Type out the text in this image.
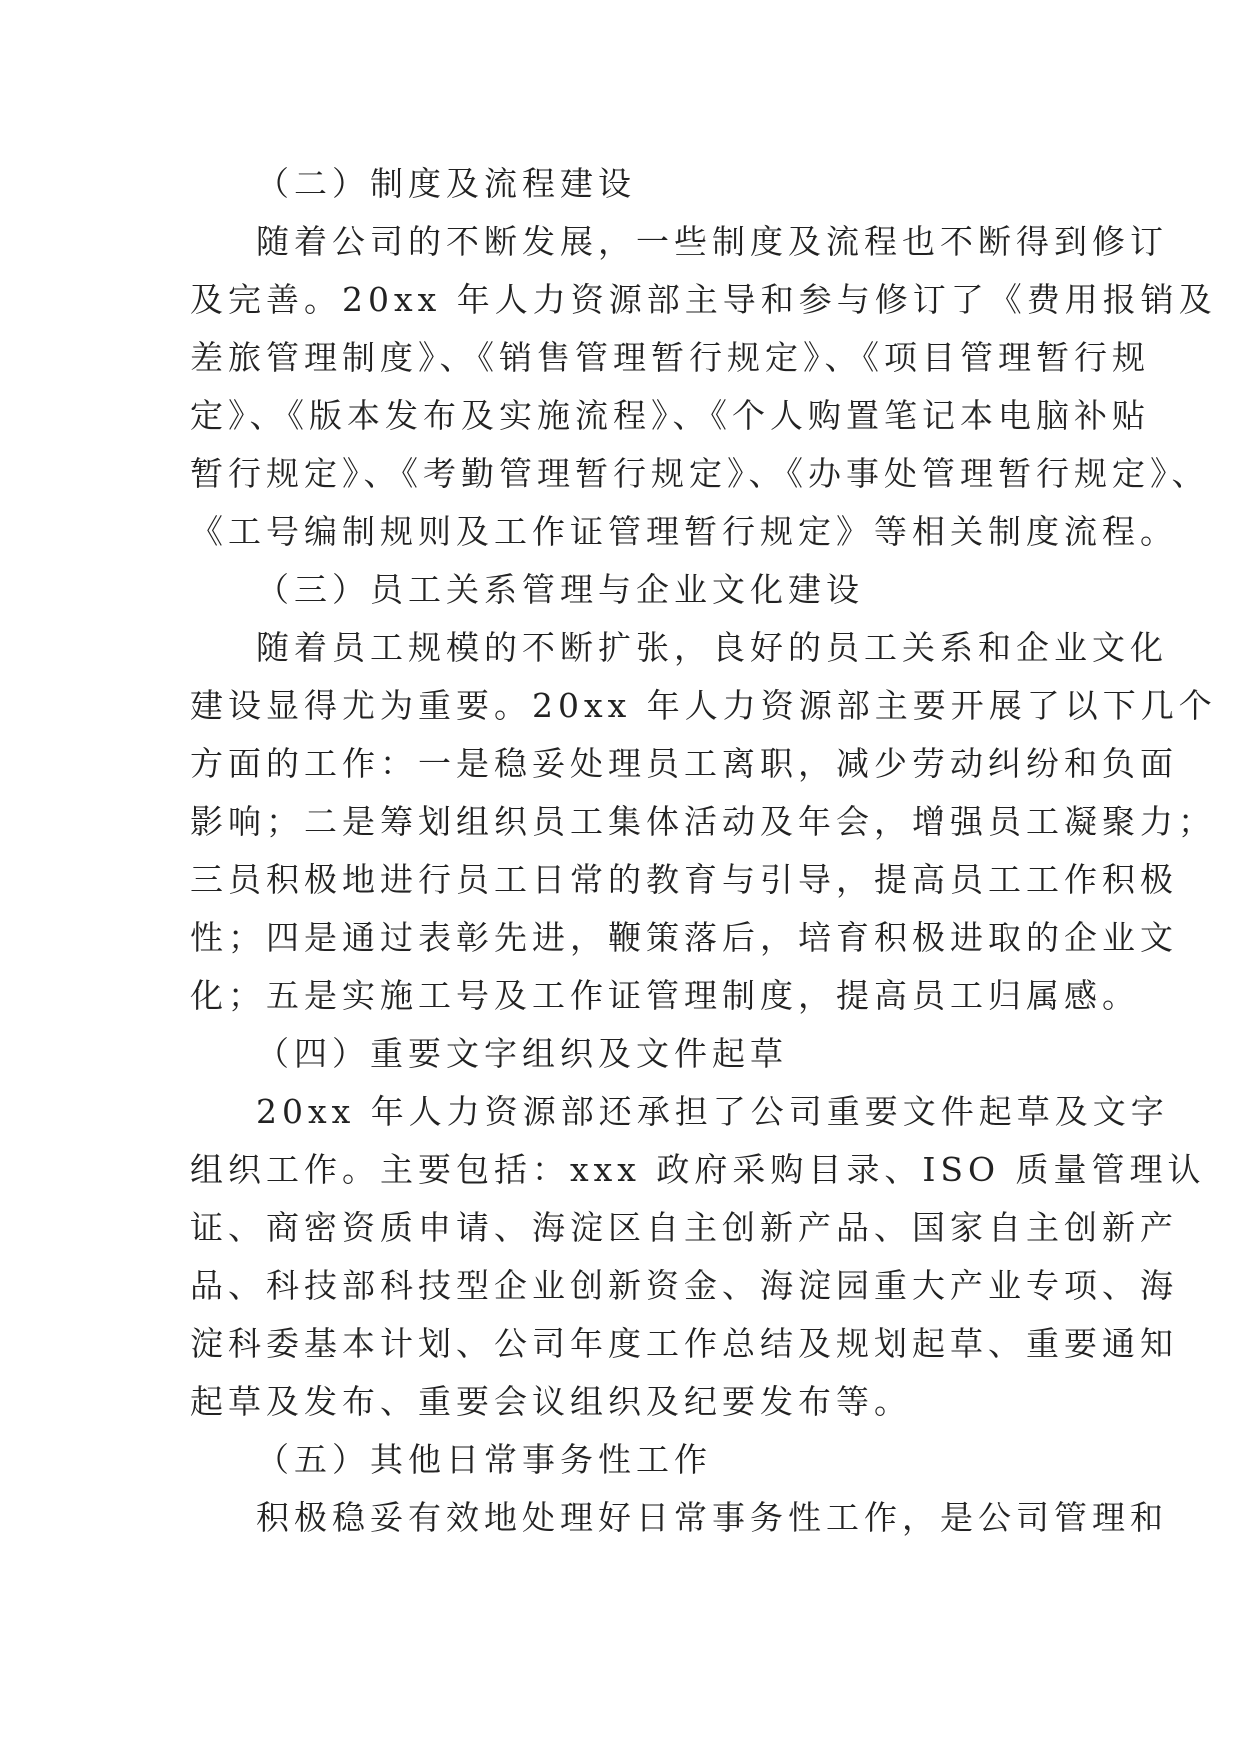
（二）制度及流程建设
随着公司的不断发展，一些制度及流程也不断得到修订
及完善。20xx 年人力资源部主导和参与修订了《费用报销及
差旅管理制度》、《销售管理暂行规定》、《项目管理暂行规
定》、《版本发布及实施流程》、《个人购置笔记本电脑补贴
暂行规定》、《考勤管理暂行规定》、《办事处管理暂行规定》、
《工号编制规则及工作证管理暂行规定》等相关制度流程。
（三）员工关系管理与企业文化建设
随着员工规模的不断扩张，良好的员工关系和企业文化
建设显得尤为重要。20xx 年人力资源部主要开展了以下几个
方面的工作：一是稳妥处理员工离职，减少劳动纠纷和负面
影响；二是筹划组织员工集体活动及年会，增强员工凝聚力；
三员积极地进行员工日常的教育与引导，提高员工工作积极
性；四是通过表彰先进，鞭策落后，培育积极进取的企业文
化；五是实施工号及工作证管理制度，提高员工归属感。
（四）重要文字组织及文件起草
20xx 年人力资源部还承担了公司重要文件起草及文字
组织工作。主要包括：xxx 政府采购目录、ISO 质量管理认
证、商密资质申请、海淀区自主创新产品、国家自主创新产
品、科技部科技型企业创新资金、海淀园重大产业专项、海
淀科委基本计划、公司年度工作总结及规划起草、重要通知
起草及发布、重要会议组织及纪要发布等。
（五）其他日常事务性工作
积极稳妥有效地处理好日常事务性工作，是公司管理和
